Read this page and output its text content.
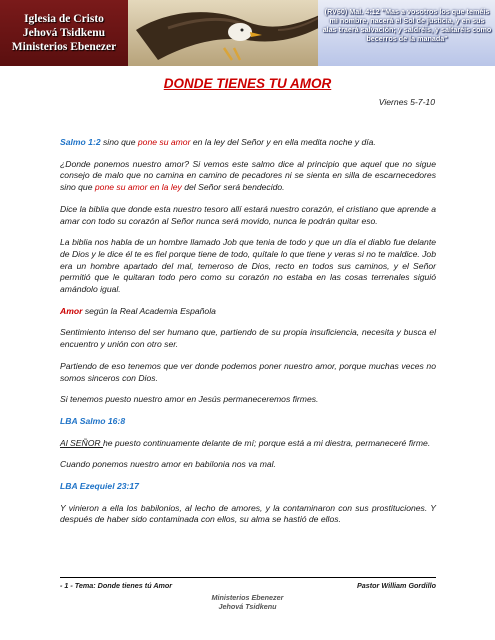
Iglesia de Cristo
Jehová Tsidkenu
Ministerios Ebenezer
(RV60) Mal. 4:12 "Mas a vosotros los que teméis mi nombre, nacerá el Sol de justicia, y en sus alas traerá salvación; y saldréis, y saltaréis como becerros de la manada"
DONDE TIENES TU AMOR
Viernes 5-7-10

Salmo 1:2 sino que pone su amor en la ley del Señor y en ella medita noche y día.

¿Donde ponemos nuestro amor? Si vemos este salmo dice al principio que aquel que no sigue consejo de malo que no camina en camino de pecadores ni se sienta en silla de escarnecedores sino que pone su amor en la ley del Señor será bendecido.

Dice la biblia que donde esta nuestro tesoro allí estará nuestro corazón, el cristiano que aprende a amar con todo su corazón al Señor nunca será movido, nunca le podrán quitar eso.

La biblia nos habla de un hombre llamado Job que tenia de todo y que un día el diablo fue delante de Dios y le dice él te es fiel porque tiene de todo, quítale lo que tiene y veras si no te maldice. Job era un hombre apartado del mal, temeroso de Dios, recto en todos sus caminos, y el Señor permitió que le quitaran todo pero como su corazón no estaba en las cosas terrenales siguió amándolo igual.

Amor según la Real Academia Española

Sentimiento intenso del ser humano que, partiendo de su propia insuficiencia, necesita y busca el encuentro y unión con otro ser.

Partiendo de eso tenemos que ver donde podemos poner nuestro amor, porque muchas veces no somos sinceros con Dios.

Si tenemos puesto nuestro amor en Jesús permaneceremos firmes.

LBA Salmo 16:8

Al SEÑOR he puesto continuamente delante de mí; porque está a mi diestra, permaneceré firme.

Cuando ponemos nuestro amor en babilonia nos va mal.

LBA Ezequiel 23:17

Y vinieron a ella los babilonios, al lecho de amores, y la contaminaron con sus prostituciones. Y después de haber sido contaminada con ellos, su alma se hastió de ellos.

- 1 - Tema: Donde tienes tú Amor	Pastor William Gordillo
Ministerios Ebenezer
Jehová Tsidkenu
